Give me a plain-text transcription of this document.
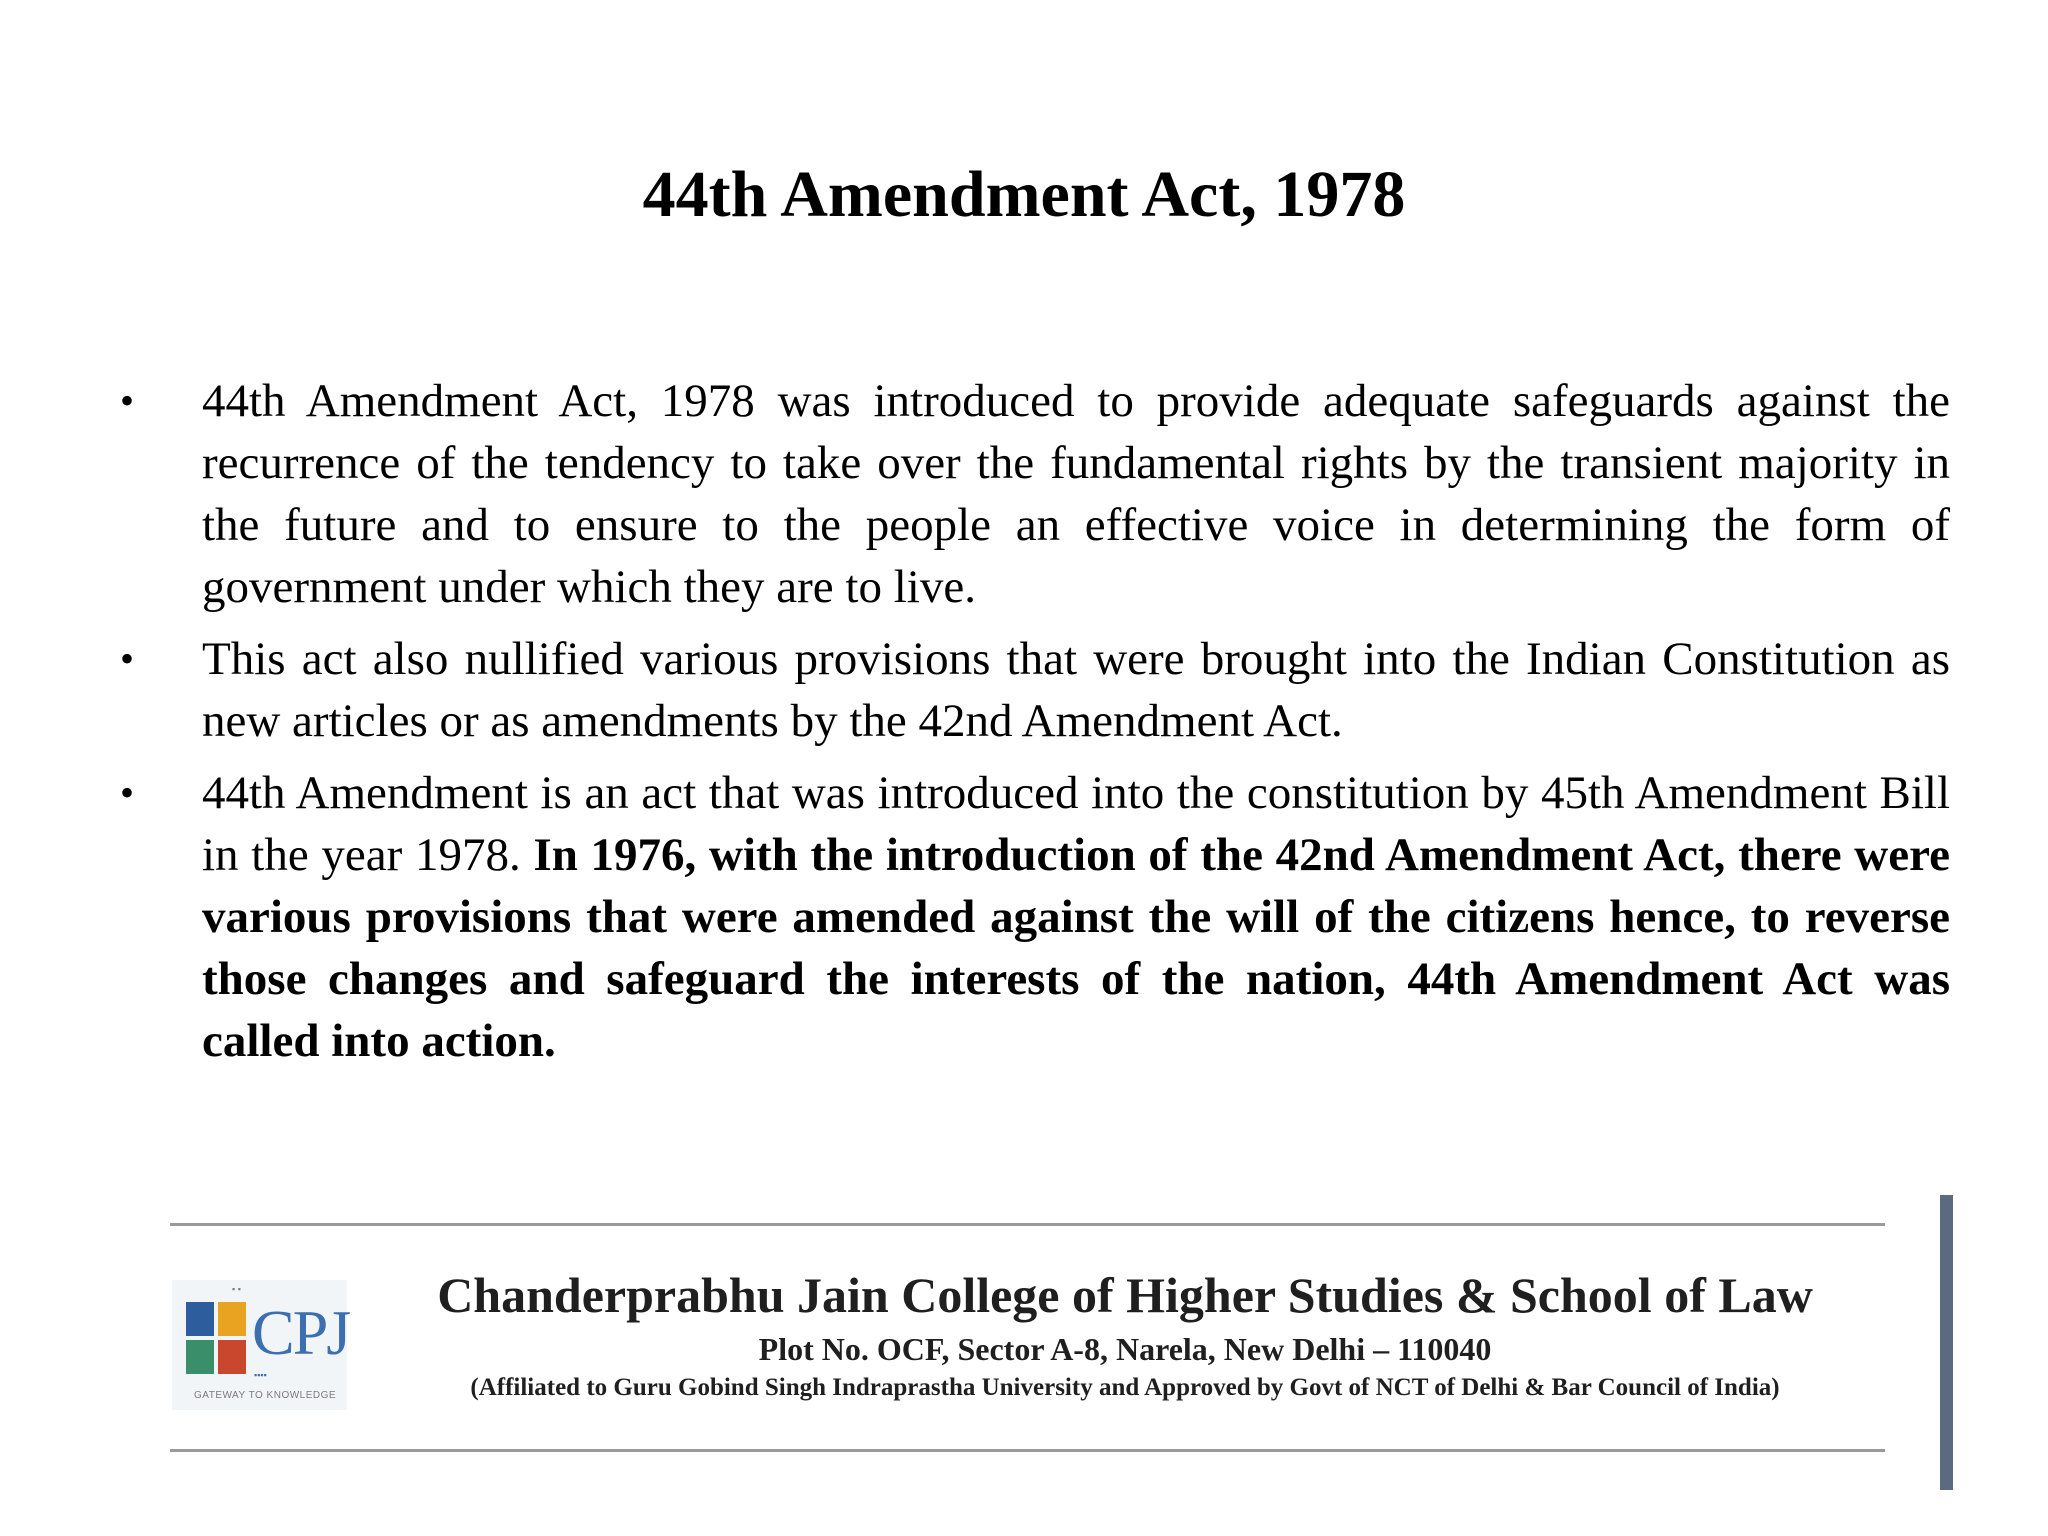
44th Amendment Act, 1978
•	44th Amendment Act, 1978 was introduced to provide adequate safeguards against the recurrence of the tendency to take over the fundamental rights by the transient majority in the future and to ensure to the people an effective voice in determining the form of government under which they are to live.
•	This act also nullified various provisions that were brought into the Indian Constitution as new articles or as amendments by the 42nd Amendment Act.
•	44th Amendment is an act that was introduced into the constitution by 45th Amendment Bill in the year 1978. In 1976, with the introduction of the 42nd Amendment Act, there were various provisions that were amended against the will of the citizens hence, to reverse those changes and safeguard the interests of the nation, 44th Amendment Act was called into action.
▪ ▪
CPJ
▪▪▪▪
GATEWAY TO KNOWLEDGE
Chanderprabhu Jain College of Higher Studies & School of Law
Plot No. OCF, Sector A-8, Narela, New Delhi – 110040
(Affiliated to Guru Gobind Singh Indraprastha University and Approved by Govt of NCT of Delhi & Bar Council of India)
